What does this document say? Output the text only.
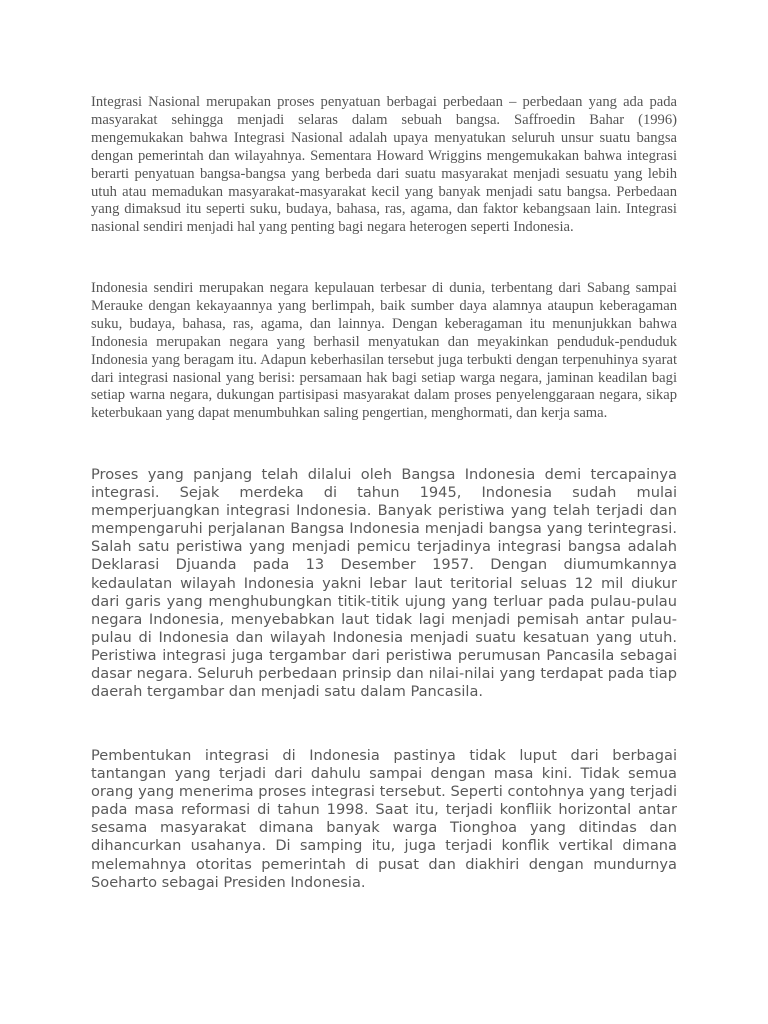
Integrasi Nasional merupakan proses penyatuan berbagai perbedaan – perbedaan yang ada pada masyarakat sehingga menjadi selaras dalam sebuah bangsa. Saffroedin Bahar (1996) mengemukakan bahwa Integrasi Nasional adalah upaya menyatukan seluruh unsur suatu bangsa dengan pemerintah dan wilayahnya. Sementara Howard Wriggins mengemukakan bahwa integrasi berarti penyatuan bangsa-bangsa yang berbeda dari suatu masyarakat menjadi sesuatu yang lebih utuh atau memadukan masyarakat-masyarakat kecil yang banyak menjadi satu bangsa. Perbedaan yang dimaksud itu seperti suku, budaya, bahasa, ras, agama, dan faktor kebangsaan lain. Integrasi nasional sendiri menjadi hal yang penting bagi negara heterogen seperti Indonesia.

Indonesia sendiri merupakan negara kepulauan terbesar di dunia, terbentang dari Sabang sampai Merauke dengan kekayaannya yang berlimpah, baik sumber daya alamnya ataupun keberagaman suku, budaya, bahasa, ras, agama, dan lainnya. Dengan keberagaman itu menunjukkan bahwa Indonesia merupakan negara yang berhasil menyatukan dan meyakinkan penduduk-penduduk Indonesia yang beragam itu. Adapun keberhasilan tersebut juga terbukti dengan terpenuhinya syarat dari integrasi nasional yang berisi: persamaan hak bagi setiap warga negara, jaminan keadilan bagi setiap warna negara, dukungan partisipasi masyarakat dalam proses penyelenggaraan negara, sikap keterbukaan yang dapat menumbuhkan saling pengertian, menghormati, dan kerja sama.

Proses yang panjang telah dilalui oleh Bangsa Indonesia demi tercapainya integrasi. Sejak merdeka di tahun 1945, Indonesia sudah mulai memperjuangkan integrasi Indonesia. Banyak peristiwa yang telah terjadi dan mempengaruhi perjalanan Bangsa Indonesia menjadi bangsa yang terintegrasi. Salah satu peristiwa yang menjadi pemicu terjadinya integrasi bangsa adalah Deklarasi Djuanda pada 13 Desember 1957. Dengan diumumkannya kedaulatan wilayah Indonesia yakni lebar laut teritorial seluas 12 mil diukur dari garis yang menghubungkan titik-titik ujung yang terluar pada pulau-pulau negara Indonesia, menyebabkan laut tidak lagi menjadi pemisah antar pulau-pulau di Indonesia dan wilayah Indonesia menjadi suatu kesatuan yang utuh. Peristiwa integrasi juga tergambar dari peristiwa perumusan Pancasila sebagai dasar negara. Seluruh perbedaan prinsip dan nilai-nilai yang terdapat pada tiap daerah tergambar dan menjadi satu dalam Pancasila.

Pembentukan integrasi di Indonesia pastinya tidak luput dari berbagai tantangan yang terjadi dari dahulu sampai dengan masa kini. Tidak semua orang yang menerima proses integrasi tersebut. Seperti contohnya yang terjadi pada masa reformasi di tahun 1998. Saat itu, terjadi konfliik horizontal antar sesama masyarakat dimana banyak warga Tionghoa yang ditindas dan dihancurkan usahanya. Di samping itu, juga terjadi konflik vertikal dimana melemahnya otoritas pemerintah di pusat dan diakhiri dengan mundurnya Soeharto sebagai Presiden Indonesia.
